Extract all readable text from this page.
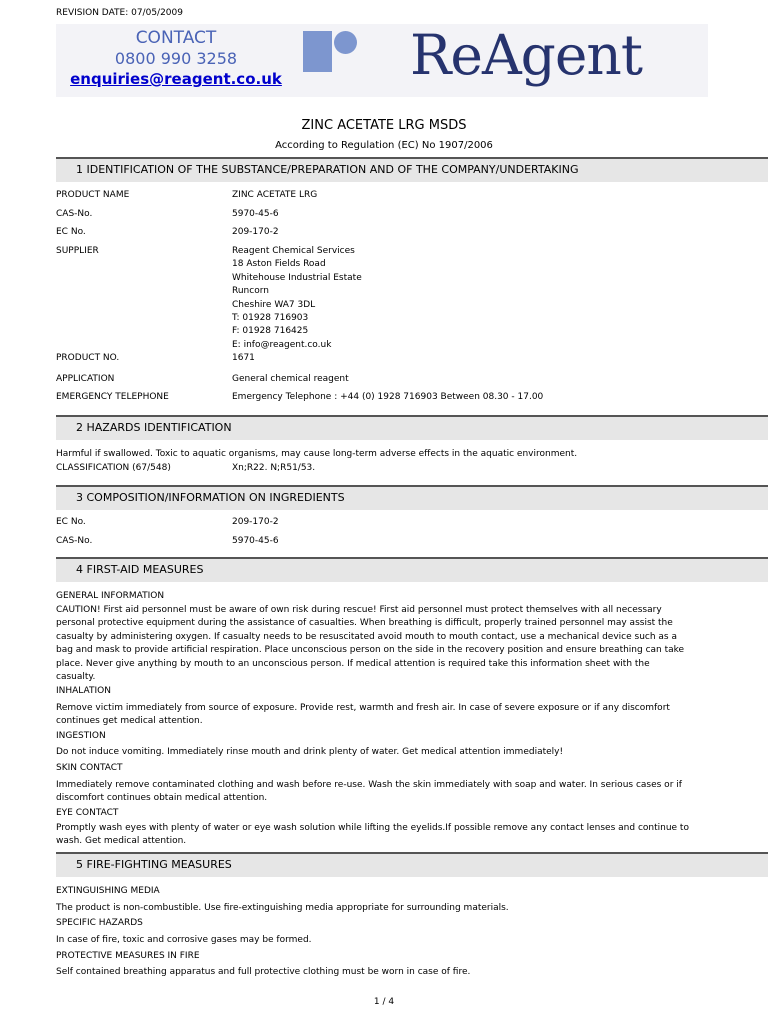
REVISION DATE: 07/05/2009
CONTACT
0800 990 3258
enquiries@reagent.co.uk ReAgent
ZINC ACETATE LRG MSDS
According to Regulation (EC) No 1907/2006
1 IDENTIFICATION OF THE SUBSTANCE/PREPARATION AND OF THE COMPANY/UNDERTAKING
PRODUCT NAME	ZINC ACETATE LRG
CAS-No.	5970-45-6
EC No.	209-170-2
SUPPLIER	Reagent Chemical Services
18 Aston Fields Road
Whitehouse Industrial Estate
Runcorn
Cheshire WA7 3DL
T: 01928 716903
F: 01928 716425
E: info@reagent.co.uk
PRODUCT NO.	1671
APPLICATION	General chemical reagent
EMERGENCY TELEPHONE	Emergency Telephone : +44 (0) 1928 716903 Between 08.30 - 17.00
2 HAZARDS IDENTIFICATION
Harmful if swallowed. Toxic to aquatic organisms, may cause long-term adverse effects in the aquatic environment.
CLASSIFICATION (67/548)	Xn;R22. N;R51/53.
3 COMPOSITION/INFORMATION ON INGREDIENTS
EC No.	209-170-2
CAS-No.	5970-45-6
4 FIRST-AID MEASURES
GENERAL INFORMATION
CAUTION! First aid personnel must be aware of own risk during rescue! First aid personnel must protect themselves with all necessary
personal protective equipment during the assistance of casualties. When breathing is difficult, properly trained personnel may assist the
casualty by administering oxygen. If casualty needs to be resuscitated avoid mouth to mouth contact, use a mechanical device such as a
bag and mask to provide artificial respiration. Place unconscious person on the side in the recovery position and ensure breathing can take
place. Never give anything by mouth to an unconscious person. If medical attention is required take this information sheet with the
casualty.
INHALATION
Remove victim immediately from source of exposure. Provide rest, warmth and fresh air. In case of severe exposure or if any discomfort
continues get medical attention.
INGESTION
Do not induce vomiting. Immediately rinse mouth and drink plenty of water. Get medical attention immediately!
SKIN CONTACT
Immediately remove contaminated clothing and wash before re-use. Wash the skin immediately with soap and water. In serious cases or if
discomfort continues obtain medical attention.
EYE CONTACT
Promptly wash eyes with plenty of water or eye wash solution while lifting the eyelids.If possible remove any contact lenses and continue to
wash. Get medical attention.
5 FIRE-FIGHTING MEASURES
EXTINGUISHING MEDIA
The product is non-combustible. Use fire-extinguishing media appropriate for surrounding materials.
SPECIFIC HAZARDS
In case of fire, toxic and corrosive gases may be formed.
PROTECTIVE MEASURES IN FIRE
Self contained breathing apparatus and full protective clothing must be worn in case of fire.
1 / 4
